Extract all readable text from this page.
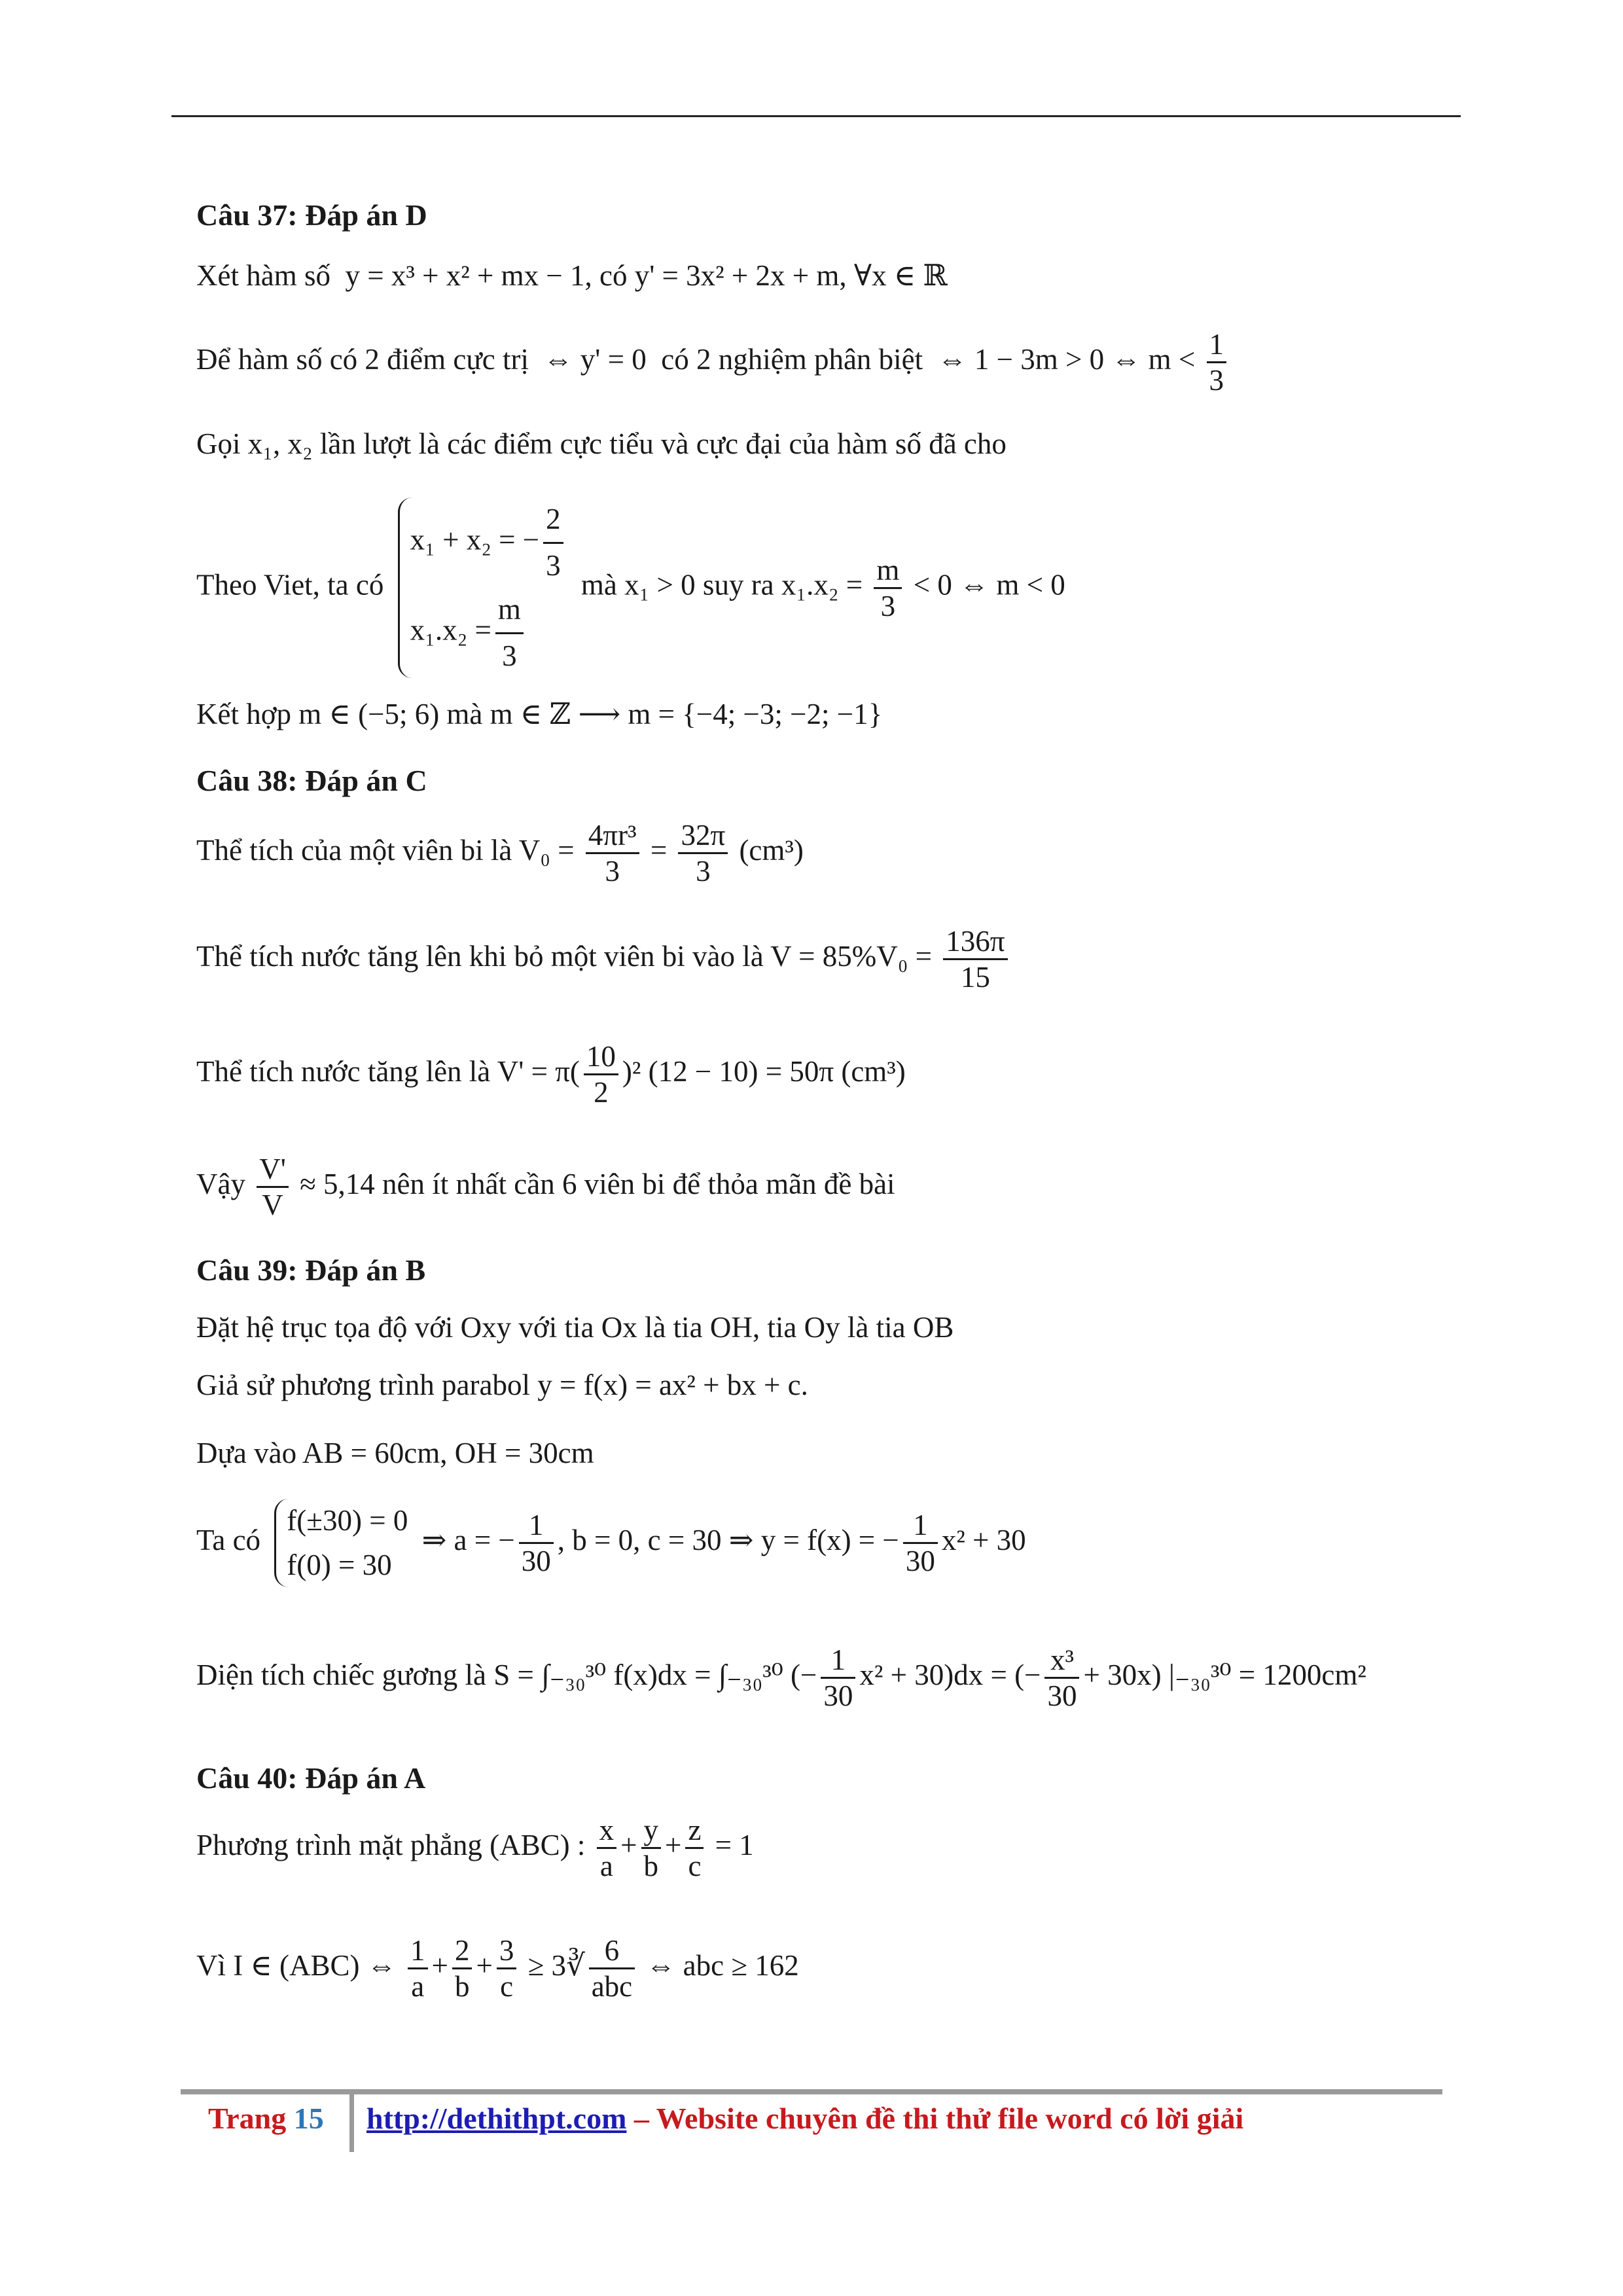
Câu 37: Đáp án D
Xét hàm số y = x³ + x² + mx − 1, có y' = 3x² + 2x + m, ∀x ∈ ℝ
Để hàm số có 2 điểm cực trị ⇔ y' = 0 có 2 nghiệm phân biệt ⇔ 1 − 3m > 0 ⇔ $m < \frac{1}{3}$
Gọi x₁, x₂ lần lượt là các điểm cực tiểu và cực đại của hàm số đã cho
Theo Viet, ta có
x₁ + x₂ = − $\frac{2}{3}$
$x_1.x_2 = \frac{m}{3}$
mà x₁ > 0 suy ra $x_1.x_2 = \frac{m}{3} < 0$ ⇔ m < 0
Kết hợp m ∈ (−5; 6) mà m ∈ ℤ ⟶ m = {−4; −3; −2; −1}
Câu 38: Đáp án C
Thể tích của một viên bi là $V_0 = \frac{\text{4πr³}}{3} = \frac{32\pi}{3} (cm^3)$
Thể tích nước tăng lên khi bỏ một viên bi vào là $V = 85\%V_0 = \frac{136\pi}{15}$
Thể tích nước tăng lên là $V' = \pi( \frac{10}{2} )^2$ (12 − 10) = 50π (cm³)
Vậy $\frac{V'}{V} \approx 5,14$ nên ít nhất cần 6 viên bi để thỏa mãn đề bài
Câu 39: Đáp án B
Đặt hệ trục tọa độ với Oxy với tia Ox là tia OH, tia Oy là tia OB
Giả sử phương trình parabol y = f(x) = ax² + bx + c.
Dựa vào AB = 60cm, OH = 30cm
Ta có
f(±30) = 0
f(0) = 30
⇒ a = − $\frac{1}{30}$ , b = 0, c = 30 ⇒ y = f(x) = − $\frac{1}{30} x^2 + 30$
Diện tích chiếc gương là S = ∫₋₃₀³⁰ f(x)dx = ∫₋₃₀³⁰ (− $\frac{1}{30} x^2 + 30)dx$ = (− $\frac{\text{x³}}{30} + 30x$) |₋₃₀³⁰ = 1200cm²
Câu 40: Đáp án A
Phương trình mặt phẳng (ABC) : $\frac{x}{a} + \frac{y}{b} + \frac{z}{c} = 1$
Vì I ∈ (ABC) ⇔ $\frac{1}{a} + \frac{2}{b} + \frac{3}{c}$ ≥ 3∛ $\frac{6}{\text{abc}}$ ⇔ abc ≥ 162
Trang 15 http://dethithpt.com – Website chuyên đề thi thử file word có lời giải
